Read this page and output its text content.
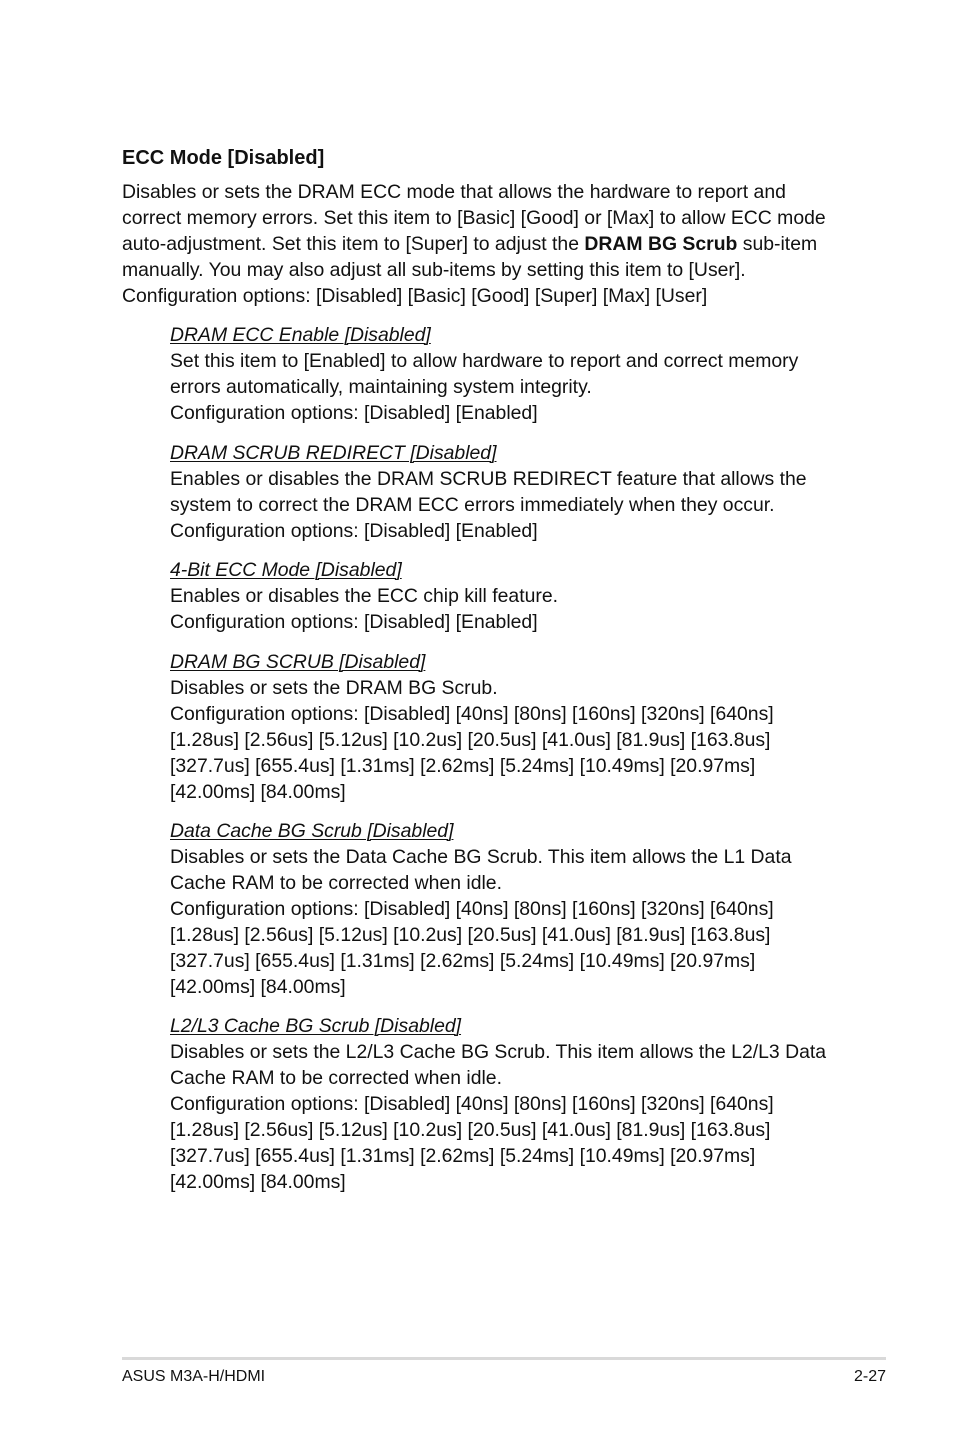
ECC Mode [Disabled]

Disables or sets the DRAM ECC mode that allows the hardware to report and correct memory errors. Set this item to [Basic] [Good] or [Max] to allow ECC mode auto-adjustment. Set this item to [Super] to adjust the DRAM BG Scrub sub-item manually. You may also adjust all sub-items by setting this item to [User].
Configuration options: [Disabled] [Basic] [Good] [Super] [Max] [User]

DRAM ECC Enable [Disabled]
Set this item to [Enabled] to allow hardware to report and correct memory
errors automatically, maintaining system integrity.
Configuration options: [Disabled] [Enabled]
DRAM SCRUB REDIRECT [Disabled]
Enables or disables the DRAM SCRUB REDIRECT feature that allows the
system to correct the DRAM ECC errors immediately when they occur.
Configuration options: [Disabled] [Enabled]
4-Bit ECC Mode [Disabled]
Enables or disables the ECC chip kill feature.
Configuration options: [Disabled] [Enabled]
DRAM BG SCRUB [Disabled]
Disables or sets the DRAM BG Scrub.
Configuration options: [Disabled] [40ns] [80ns] [160ns] [320ns] [640ns]
[1.28us] [2.56us] [5.12us] [10.2us] [20.5us] [41.0us] [81.9us] [163.8us]
[327.7us] [655.4us] [1.31ms] [2.62ms] [5.24ms] [10.49ms] [20.97ms]
[42.00ms] [84.00ms]
Data Cache BG Scrub [Disabled]
Disables or sets the Data Cache BG Scrub. This item allows the L1 Data
Cache RAM to be corrected when idle.
Configuration options: [Disabled] [40ns] [80ns] [160ns] [320ns] [640ns]
[1.28us] [2.56us] [5.12us] [10.2us] [20.5us] [41.0us] [81.9us] [163.8us]
[327.7us] [655.4us] [1.31ms] [2.62ms] [5.24ms] [10.49ms] [20.97ms]
[42.00ms] [84.00ms]
L2/L3 Cache BG Scrub [Disabled]
Disables or sets the L2/L3 Cache BG Scrub. This item allows the L2/L3 Data
Cache RAM to be corrected when idle.
Configuration options: [Disabled] [40ns] [80ns] [160ns] [320ns] [640ns]
[1.28us] [2.56us] [5.12us] [10.2us] [20.5us] [41.0us] [81.9us] [163.8us]
[327.7us] [655.4us] [1.31ms] [2.62ms] [5.24ms] [10.49ms] [20.97ms]
[42.00ms] [84.00ms]
ASUS M3A-H/HDMI	2-27
